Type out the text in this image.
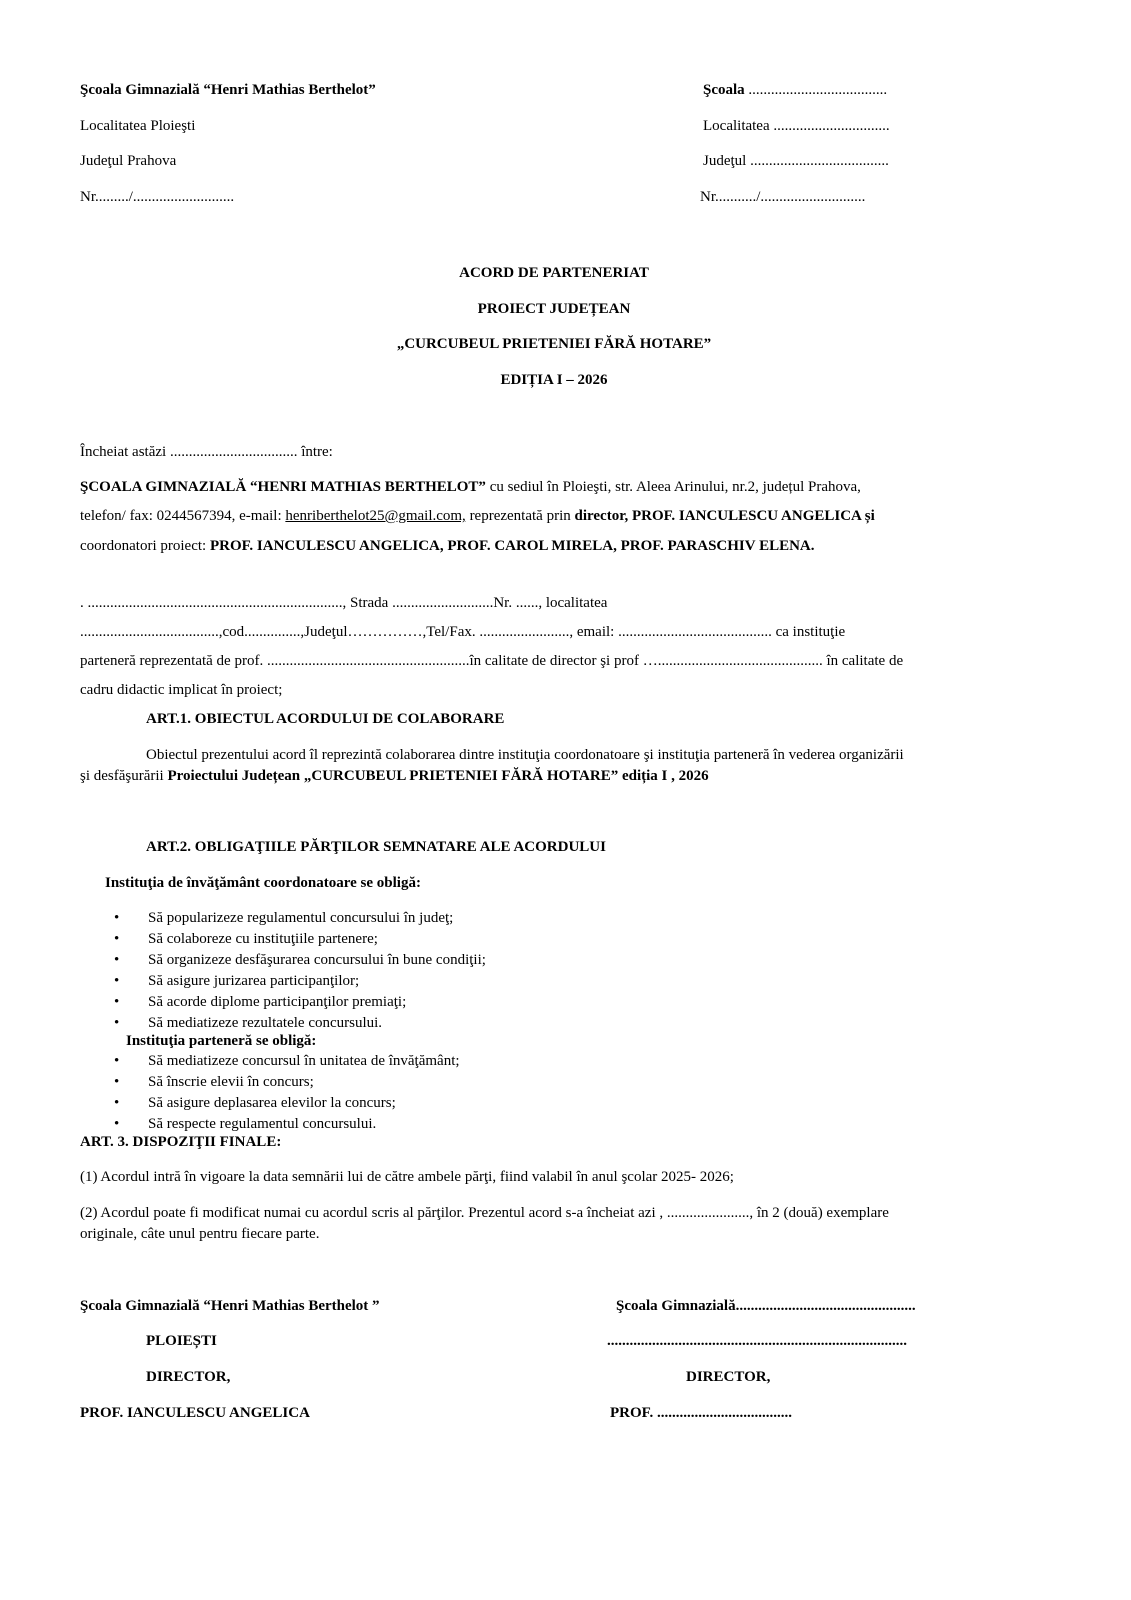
Şcoala Gimnazială “Henri Mathias Berthelot”
Localitatea Ploieşti
Judeţul Prahova
Nr........./...........................
Şcoala .....................................
Localitatea ...............................
Judeţul .....................................
Nr.........../............................
ACORD DE PARTENERIAT
PROIECT JUDEȚEAN
„CURCUBEUL PRIETENIEI FĂRĂ HOTARE”
EDIȚIA I – 2026
Încheiat astăzi .................................. între:
ŞCOALA GIMNAZIALĂ “HENRI MATHIAS BERTHELOT” cu sediul în Ploieşti, str. Aleea Arinului, nr.2, județul Prahova,
telefon/ fax: 0244567394, e-mail: henriberthelot25@gmail.com, reprezentată prin director, PROF. IANCULESCU ANGELICA și
coordonatori proiect: PROF. IANCULESCU ANGELICA, PROF. CAROL MIRELA, PROF. PARASCHIV ELENA.
. ...................................................................., Strada ...........................Nr. ......, localitatea
.....................................,cod...............,Judeţul……………,Tel/Fax. ........................, email: ......................................... ca instituţie
parteneră reprezentată de prof. ......................................................în calitate de director şi prof …............................................ în calitate de
cadru didactic implicat în proiect;
ART.1. OBIECTUL ACORDULUI DE COLABORARE
Obiectul prezentului acord îl reprezintă colaborarea dintre instituţia coordonatoare şi instituţia parteneră în vederea organizării
şi desfăşurării Proiectului Județean „CURCUBEUL PRIETENIEI FĂRĂ HOTARE” ediția I , 2026
ART.2. OBLIGAŢIILE PĂRŢILOR SEMNATARE ALE ACORDULUI
Instituţia de învăţământ coordonatoare se obligă:
• Să popularizeze regulamentul concursului în judeţ;
• Să colaboreze cu instituţiile partenere;
• Să organizeze desfăşurarea concursului în bune condiţii;
• Să asigure jurizarea participanţilor;
• Să acorde diplome participanţilor premiaţi;
• Să mediatizeze rezultatele concursului.
Instituţia parteneră se obligă:
• Să mediatizeze concursul în unitatea de învăţământ;
• Să înscrie elevii în concurs;
• Să asigure deplasarea elevilor la concurs;
• Să respecte regulamentul concursului.
ART. 3. DISPOZIŢII FINALE:
(1) Acordul intră în vigoare la data semnării lui de către ambele părţi, fiind valabil în anul şcolar 2025- 2026;
(2) Acordul poate fi modificat numai cu acordul scris al părţilor. Prezentul acord s-a încheiat azi , ......................, în 2 (două) exemplare
originale, câte unul pentru fiecare parte.
Şcoala Gimnazială “Henri Mathias Berthelot ”
PLOIEȘTI
DIRECTOR,
PROF. IANCULESCU ANGELICA
Şcoala Gimnazială................................................
................................................................................
DIRECTOR,
PROF. ....................................
